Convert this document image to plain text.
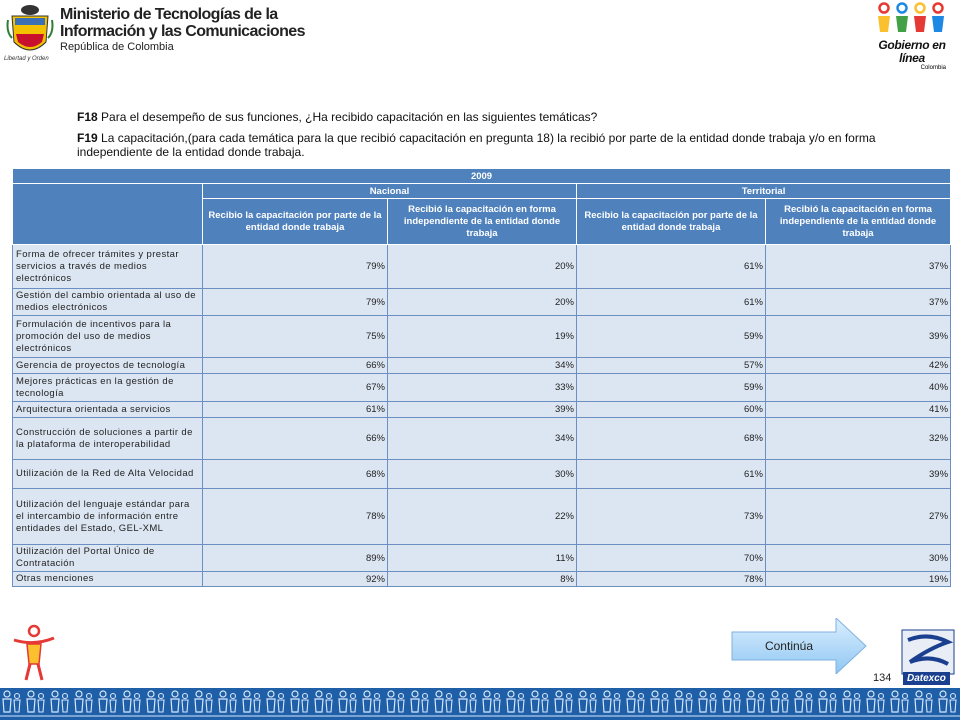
Libertad y Orden
Ministerio de Tecnologías de la
Información y las Comunicaciones
República de Colombia	Gobierno en línea
Colombia
F18 Para el desempeño de sus funciones, ¿Ha recibido capacitación en las siguientes temáticas?
F19 La capacitación,(para cada temática para la que recibió capacitación en pregunta 18) la recibió por parte de la entidad donde trabaja y/o en forma independiente de la entidad donde trabaja.
2009				
	Nacional		Territorial	
	Recibio la capacitación por parte de la entidad donde trabaja	Recibió la capacitación en forma independiente de la entidad donde trabaja	Recibio la capacitación por parte de la entidad donde trabaja	Recibió la capacitación en forma independiente de la entidad donde trabaja
Forma de ofrecer trámites y prestar servicios a través de medios electrónicos	79%	20%	61%	37%
Gestión del cambio orientada al uso de medios electrónicos	79%	20%	61%	37%
Formulación de incentivos para la promoción del uso de medios electrónicos	75%	19%	59%	39%
Gerencia de proyectos de tecnología	66%	34%	57%	42%
Mejores prácticas en la gestión de tecnología	67%	33%	59%	40%
Arquitectura orientada a servicios	61%	39%	60%	41%
Construcción de soluciones a partir de la plataforma de interoperabilidad	66%	34%	68%	32%
Utilización de la Red de Alta Velocidad	68%	30%	61%	39%
Utilización del lenguaje estándar para el intercambio de información entre entidades del Estado, GEL-XML	78%	22%	73%	27%
Utilización del Portal Único de Contratación	89%	11%	70%	30%
Otras menciones	92%	8%	78%	19%
Continúa
134	Datexco
